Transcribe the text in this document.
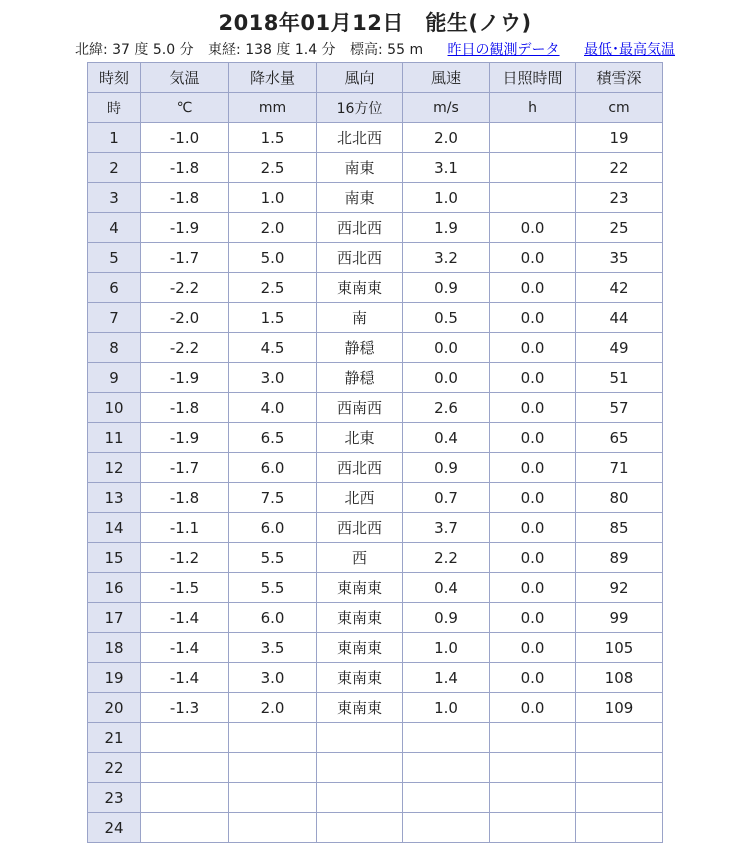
2018年01月12日　能生(ノウ)
北緯: 37 度 5.0 分 東経: 138 度 1.4 分 標高: 55 m 昨日の観測データ 最低･最高気温
時刻	気温	降水量	風向	風速	日照時間	積雪深
時	℃	mm	16方位	m/s	h	cm
1	-1.0	1.5	北北西	2.0		19
2	-1.8	2.5	南東	3.1		22
3	-1.8	1.0	南東	1.0		23
4	-1.9	2.0	西北西	1.9	0.0	25
5	-1.7	5.0	西北西	3.2	0.0	35
6	-2.2	2.5	東南東	0.9	0.0	42
7	-2.0	1.5	南	0.5	0.0	44
8	-2.2	4.5	静穏	0.0	0.0	49
9	-1.9	3.0	静穏	0.0	0.0	51
10	-1.8	4.0	西南西	2.6	0.0	57
11	-1.9	6.5	北東	0.4	0.0	65
12	-1.7	6.0	西北西	0.9	0.0	71
13	-1.8	7.5	北西	0.7	0.0	80
14	-1.1	6.0	西北西	3.7	0.0	85
15	-1.2	5.5	西	2.2	0.0	89
16	-1.5	5.5	東南東	0.4	0.0	92
17	-1.4	6.0	東南東	0.9	0.0	99
18	-1.4	3.5	東南東	1.0	0.0	105
19	-1.4	3.0	東南東	1.4	0.0	108
20	-1.3	2.0	東南東	1.0	0.0	109
21						
22						
23						
24						
